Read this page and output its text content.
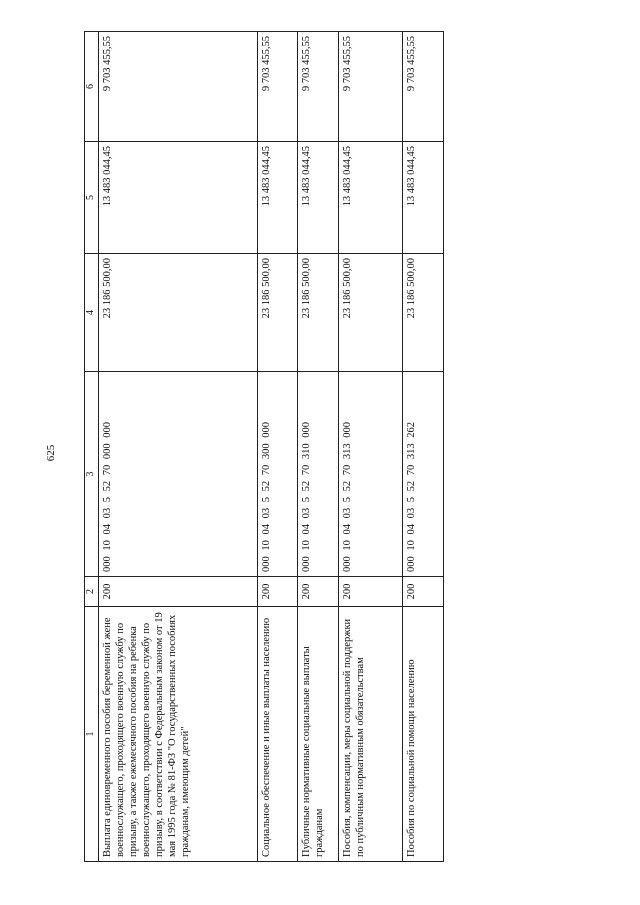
625
1	2	3	4	5	6
Выплата единовременного пособия беременной жене военнослужащего, проходящего военную службу по призыву, а также ежемесячного пособия на ребенка военнослужащего, проходящего военную службу по призыву, в соответствии с Федеральным законом от 19 мая 1995 года № 81-ФЗ "О государственных пособиях гражданам, имеющим детей"	200	000 10 04 03 5 52 70 000 000	23 186 500,00	13 483 044,45	9 703 455,55
Социальное обеспечение и иные выплаты населению	200	000 10 04 03 5 52 70 300 000	23 186 500,00	13 483 044,45	9 703 455,55
Публичные нормативные социальные выплаты гражданам	200	000 10 04 03 5 52 70 310 000	23 186 500,00	13 483 044,45	9 703 455,55
Пособия, компенсации, меры социальной поддержки по публичным нормативным обязательствам	200	000 10 04 03 5 52 70 313 000	23 186 500,00	13 483 044,45	9 703 455,55
Пособия по социальной помощи населению	200	000 10 04 03 5 52 70 313 262	23 186 500,00	13 483 044,45	9 703 455,55
